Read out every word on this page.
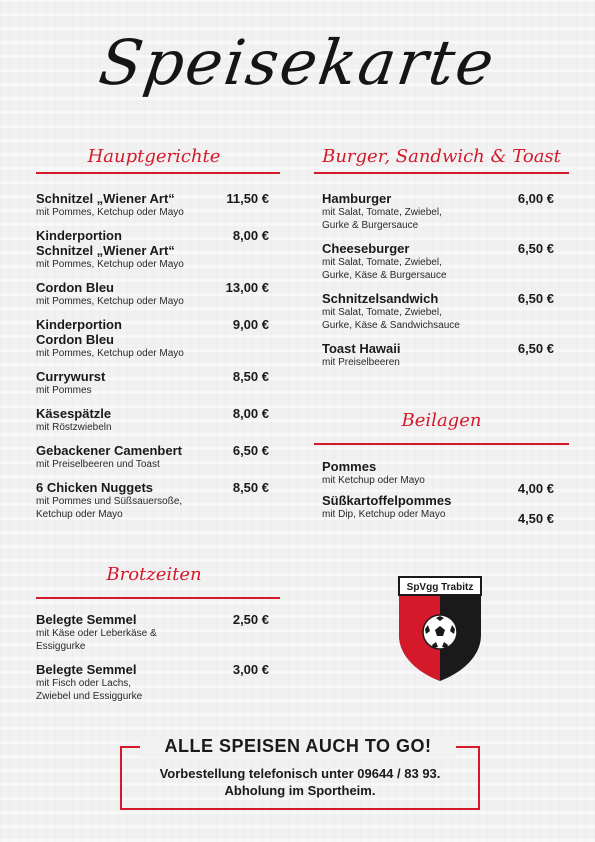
Speisekarte
Hauptgerichte
Schnitzel „Wiener Art“
mit Pommes, Ketchup oder Mayo
11,50 €
Kinderportion
Schnitzel „Wiener Art“
mit Pommes, Ketchup oder Mayo
8,00 €
Cordon Bleu
mit Pommes, Ketchup oder Mayo
13,00 €
Kinderportion
Cordon Bleu
mit Pommes, Ketchup oder Mayo
9,00 €
Currywurst
mit Pommes
8,50 €
Käsespätzle
mit Röstzwiebeln
8,00 €
Gebackener Camenbert
mit Preiselbeeren und Toast
6,50 €
6 Chicken Nuggets
mit Pommes und Süßsauersoße,
Ketchup oder Mayo
8,50 €
Brotzeiten
Belegte Semmel
mit Käse oder Leberkäse &
Essiggurke
2,50 €
Belegte Semmel
mit Fisch oder Lachs,
Zwiebel und Essiggurke
3,00 €
Burger, Sandwich & Toast
Hamburger
mit Salat, Tomate, Zwiebel,
Gurke & Burgersauce
6,00 €
Cheeseburger
mit Salat, Tomate, Zwiebel,
Gurke, Käse & Burgersauce
6,50 €
Schnitzelsandwich
mit Salat, Tomate, Zwiebel,
Gurke, Käse & Sandwichsauce
6,50 €
Toast Hawaii
mit Preiselbeeren
6,50 €
Beilagen
Pommes
mit Ketchup oder Mayo
4,00 €
Süßkartoffelpommes
mit Dip, Ketchup oder Mayo	4,50 €
SpVgg Trabitz
ALLE SPEISEN AUCH TO GO!
Vorbestellung telefonisch unter 09644 / 83 93.
Abholung im Sportheim.
